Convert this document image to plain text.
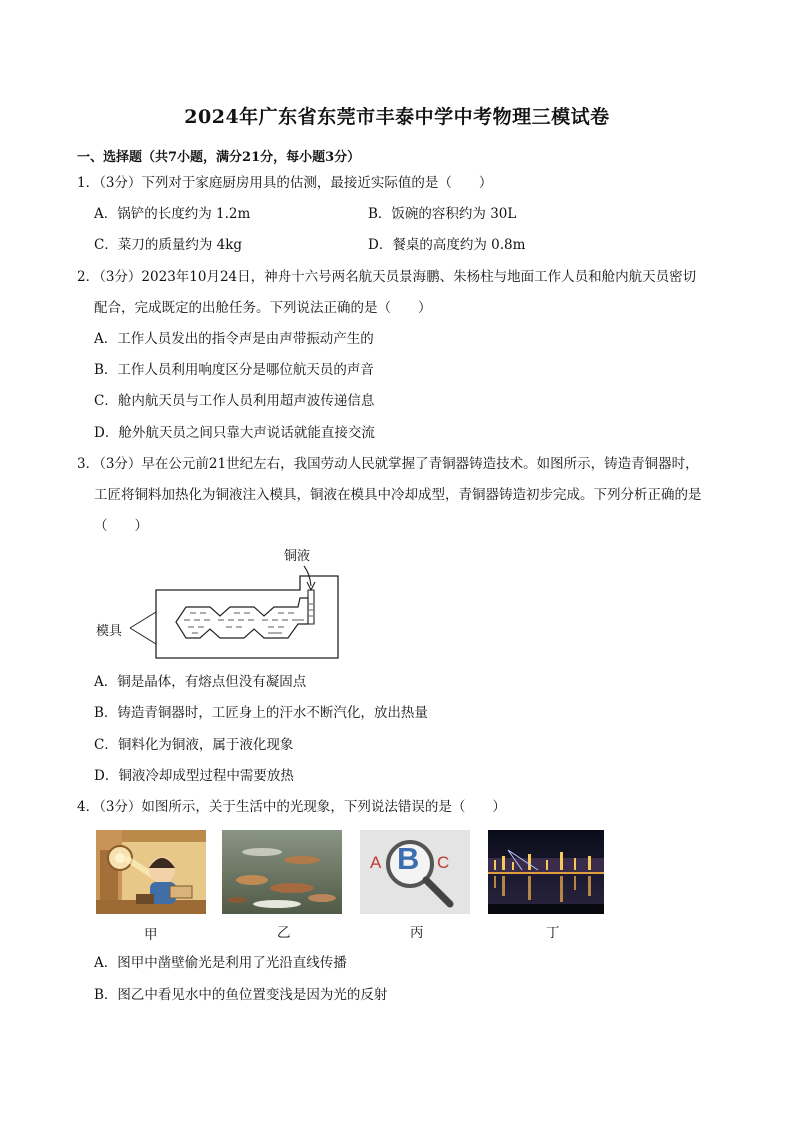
2024年广东省东莞市丰泰中学中考物理三模试卷
一、选择题（共7小题，满分21分，每小题3分）
1．（3分）下列对于家庭厨房用具的估测，最接近实际值的是（　　）
A．锅铲的长度约为 1.2m	B．饭碗的容积约为 30L
C．菜刀的质量约为 4kg	D．餐桌的高度约为 0.8m
2．（3分）2023年10月24日，神舟十六号两名航天员景海鹏、朱杨柱与地面工作人员和舱内航天员密切
配合，完成既定的出舱任务。下列说法正确的是（　　）
A．工作人员发出的指令声是由声带振动产生的
B．工作人员利用响度区分是哪位航天员的声音
C．舱内航天员与工作人员利用超声波传递信息
D．舱外航天员之间只靠大声说话就能直接交流
3．（3分）早在公元前21世纪左右，我国劳动人民就掌握了青铜器铸造技术。如图所示，铸造青铜器时，
工匠将铜料加热化为铜液注入模具，铜液在模具中冷却成型，青铜器铸造初步完成。下列分析正确的是
（　　）
铜液
模具
A．铜是晶体，有熔点但没有凝固点
B．铸造青铜器时，工匠身上的汗水不断汽化，放出热量
C．铜料化为铜液，属于液化现象
D．铜液冷却成型过程中需要放热
4．（3分）如图所示，关于生活中的光现象，下列说法错误的是（　　）
A B C
甲	乙	丙	丁
A．图甲中凿壁偷光是利用了光沿直线传播
B．图乙中看见水中的鱼位置变浅是因为光的反射
